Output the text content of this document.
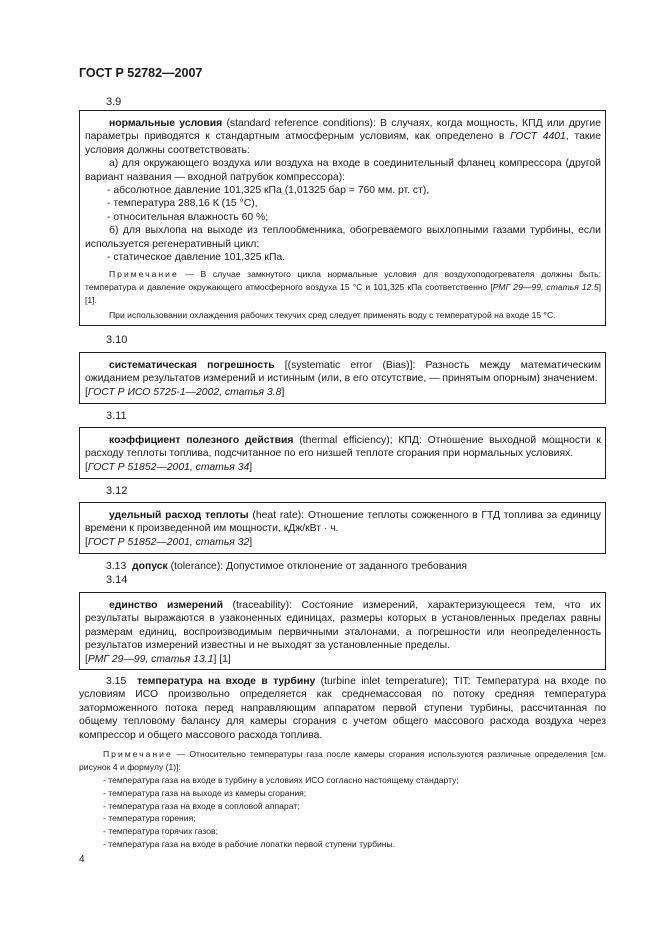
ГОСТ Р 52782—2007
3.9

нормальные условия (standard reference conditions): В случаях, когда мощность, КПД или другие параметры приводятся к стандартным атмосферным условиям, как определено в ГОСТ 4401, такие условия должны соответствовать:

а) для окружающего воздуха или воздуха на входе в соединительный фланец компрессора (другой вариант названия — входной патрубок компрессора):

- абсолютное давление 101,325 кПа (1,01325 бар = 760 мм. рт. ст),

- температура 288,16 К (15 °С),

- относительная влажность 60 %;

б) для выхлопа на выходе из теплообменника, обогреваемого выхлопными газами турбины, если используется регенеративный цикл:

- статическое давление 101,325 кПа.

Примечание — В случае замкнутого цикла нормальные условия для воздухоподогревателя должны быть: температура и давление окружающего атмосферного воздуха 15 °С и 101,325 кПа соответственно [РМГ 29—99, статья 12.5] [1].

При использовании охлаждения рабочих текучих сред следует применять воду с температурой на входе 15 °С.

3.10

систематическая погрешность [(systematic error (Bias)]: Разность между математическим ожиданием результатов измерений и истинным (или, в его отсутствие, — принятым опорным) значением.

[ГОСТ Р ИСО 5725-1—2002, статья 3.8]

3.11

коэффициент полезного действия (thermal efficiency); КПД: Отношение выходной мощности к расходу теплоты топлива, подсчитанное по его низшей теплоте сгорания при нормальных условиях.

[ГОСТ Р 51852—2001, статья 34]

3.12

удельный расход теплоты (heat rate): Отношение теплоты сожженного в ГТД топлива за единицу времени к произведенной им мощности, кДж/кВт · ч.

[ГОСТ Р 51852—2001, статья 32]

3.13 допуск (tolerance): Допустимое отклонение от заданного требования
3.14

единство измерений (traceability): Состояние измерений, характеризующееся тем, что их результаты выражаются в узаконенных единицах, размеры которых в установленных пределах равны размерам единиц, воспроизводимым первичными эталонами, а погрешности или неопределенность результатов измерений известны и не выходят за установленные пределы.

[РМГ 29—99, статья 13.1] [1]

3.15 температура на входе в турбину (turbine inlet temperature); TIT: Температура на входе по условиям ИСО произвольно определяется как среднемассовая по потоку средняя температура заторможенного потока перед направляющим аппаратом первой ступени турбины, рассчитанная по общему тепловому балансу для камеры сгорания с учетом общего массового расхода воздуха через компрессор и общего массового расхода топлива.

Примечание — Относительно температуры газа после камеры сгорания используются различные определения [см. рисунок 4 и формулу (1)]:

- температура газа на входе в турбину в условиях ИСО согласно настоящему стандарту;

- температура газа на выходе из камеры сгорания;

- температура газа на входе в сопловой аппарат;

- температура горения;

- температура горячих газов;

- температура газа на входе в рабочие лопатки первой ступени турбины.

4
